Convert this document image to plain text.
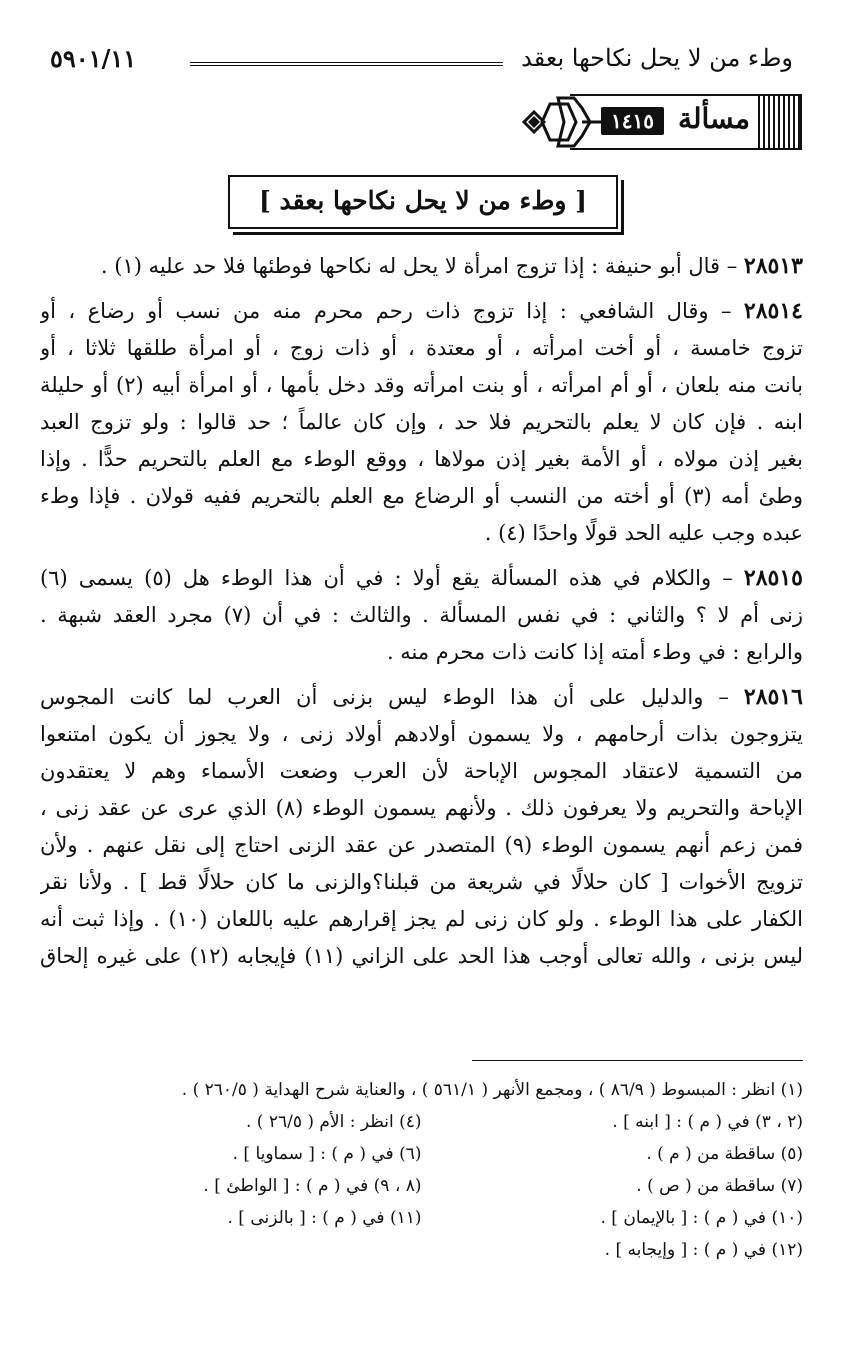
وطء من لا يحل نكاحها بعقد
٥٩٠١/١١
مسألة
١٤١٥
[ وطء من لا يحل نكاحها بعقد ]
٢٨٥١٣ – قال أبو حنيفة : إذا تزوج امرأة لا يحل له نكاحها فوطئها فلا حد عليه (١) .
٢٨٥١٤ – وقال الشافعي : إذا تزوج ذات رحم محرم منه من نسب أو رضاع ، أو
تزوج خامسة ، أو أخت امرأته ، أو معتدة ، أو ذات زوج ، أو امرأة طلقها ثلاثا ، أو
بانت منه بلعان ، أو أم امرأته ، أو بنت امرأته وقد دخل بأمها ، أو امرأة أبيه (٢) أو حليلة
ابنه . فإن كان لا يعلم بالتحريم فلا حد ، وإن كان عالماً ؛ حد قالوا : ولو تزوج العبد
بغير إذن مولاه ، أو الأمة بغير إذن مولاها ، ووقع الوطء مع العلم بالتحريم حدًّا . وإذا
وطئ أمه (٣) أو أخته من النسب أو الرضاع مع العلم بالتحريم ففيه قولان . فإذا وطء
عبده وجب عليه الحد قولًا واحدًا (٤) .
٢٨٥١٥ – والكلام في هذه المسألة يقع أولا : في أن هذا الوطء هل (٥) يسمى (٦)
زنى أم لا ؟ والثاني : في نفس المسألة . والثالث : في أن (٧) مجرد العقد شبهة .
والرابع : في وطء أمته إذا كانت ذات محرم منه .
٢٨٥١٦ – والدليل على أن هذا الوطء ليس بزنى أن العرب لما كانت المجوس
يتزوجون بذات أرحامهم ، ولا يسمون أولادهم أولاد زنى ، ولا يجوز أن يكون امتنعوا
من التسمية لاعتقاد المجوس الإباحة لأن العرب وضعت الأسماء وهم لا يعتقدون
الإباحة والتحريم ولا يعرفون ذلك . ولأنهم يسمون الوطء (٨) الذي عرى عن عقد زنى ،
فمن زعم أنهم يسمون الوطء (٩) المتصدر عن عقد الزنى احتاج إلى نقل عنهم . ولأن
تزويج الأخوات [ كان حلالًا في شريعة من قبلنا؟والزنى ما كان حلالًا قط ] . ولأنا نقر
الكفار على هذا الوطء . ولو كان زنى لم يجز إقرارهم عليه باللعان (١٠) . وإذا ثبت أنه
ليس بزنى ، والله تعالى أوجب هذا الحد على الزاني (١١) فإيجابه (١٢) على غيره إلحاق
(١) انظر : المبسوط ( ٨٦/٩ ) ، ومجمع الأنهر ( ٥٦١/١ ) ، والعناية شرح الهداية ( ٢٦٠/٥ ) .
(٢ ، ٣) في ( م ) : [ ابنه ] .
(٤) انظر : الأم ( ٢٦/٥ ) .
(٥) ساقطة من ( م ) .
(٦) في ( م ) : [ سماويا ] .
(٧) ساقطة من ( ص ) .
(٨ ، ٩) في ( م ) : [ الواطئ ] .
(١٠) في ( م ) : [ بالإيمان ] .
(١١) في ( م ) : [ بالزنى ] .
(١٢) في ( م ) : [ وإيجابه ] .
